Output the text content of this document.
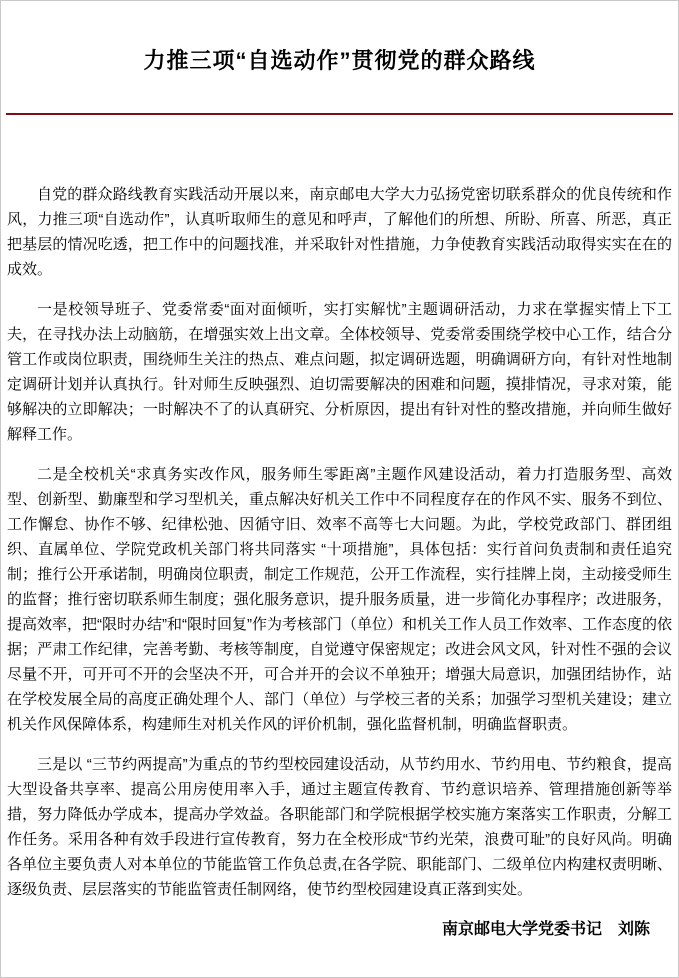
力推三项“自选动作”贯彻党的群众路线

自党的群众路线教育实践活动开展以来，南京邮电大学大力弘扬党密切联系群众的优良传统和作风，力推三项“自选动作”，认真听取师生的意见和呼声，了解他们的所想、所盼、所喜、所恶，真正把基层的情况吃透，把工作中的问题找准，并采取针对性措施，力争使教育实践活动取得实实在在的成效。

一是校领导班子、党委常委“面对面倾听，实打实解忧”主题调研活动，力求在掌握实情上下工夫，在寻找办法上动脑筋，在增强实效上出文章。全体校领导、党委常委围绕学校中心工作，结合分管工作或岗位职责，围绕师生关注的热点、难点问题，拟定调研选题，明确调研方向，有针对性地制定调研计划并认真执行。针对师生反映强烈、迫切需要解决的困难和问题，摸排情况，寻求对策，能够解决的立即解决；一时解决不了的认真研究、分析原因，提出有针对性的整改措施，并向师生做好解释工作。

二是全校机关“求真务实改作风，服务师生零距离”主题作风建设活动，着力打造服务型、高效型、创新型、勤廉型和学习型机关，重点解决好机关工作中不同程度存在的作风不实、服务不到位、工作懈怠、协作不够、纪律松弛、因循守旧、效率不高等七大问题。为此，学校党政部门、群团组织、直属单位、学院党政机关部门将共同落实 “十项措施”，具体包括：实行首问负责制和责任追究制；推行公开承诺制，明确岗位职责，制定工作规范，公开工作流程，实行挂牌上岗，主动接受师生的监督；推行密切联系师生制度；强化服务意识，提升服务质量，进一步简化办事程序；改进服务，提高效率，把“限时办结”和“限时回复”作为考核部门（单位）和机关工作人员工作效率、工作态度的依据；严肃工作纪律，完善考勤、考核等制度，自觉遵守保密规定；改进会风文风，针对性不强的会议尽量不开，可开可不开的会坚决不开，可合并开的会议不单独开；增强大局意识，加强团结协作，站在学校发展全局的高度正确处理个人、部门（单位）与学校三者的关系；加强学习型机关建设；建立机关作风保障体系，构建师生对机关作风的评价机制，强化监督机制，明确监督职责。

三是以 “三节约两提高”为重点的节约型校园建设活动，从节约用水、节约用电、节约粮食，提高大型设备共享率、提高公用房使用率入手，通过主题宣传教育、节约意识培养、管理措施创新等举措，努力降低办学成本，提高办学效益。各职能部门和学院根据学校实施方案落实工作职责，分解工作任务。采用各种有效手段进行宣传教育，努力在全校形成“节约光荣，浪费可耻”的良好风尚。明确各单位主要负责人对本单位的节能监管工作负总责,在各学院、职能部门、二级单位内构建权责明晰、逐级负责、层层落实的节能监管责任制网络，使节约型校园建设真正落到实处。

南京邮电大学党委书记　刘陈
